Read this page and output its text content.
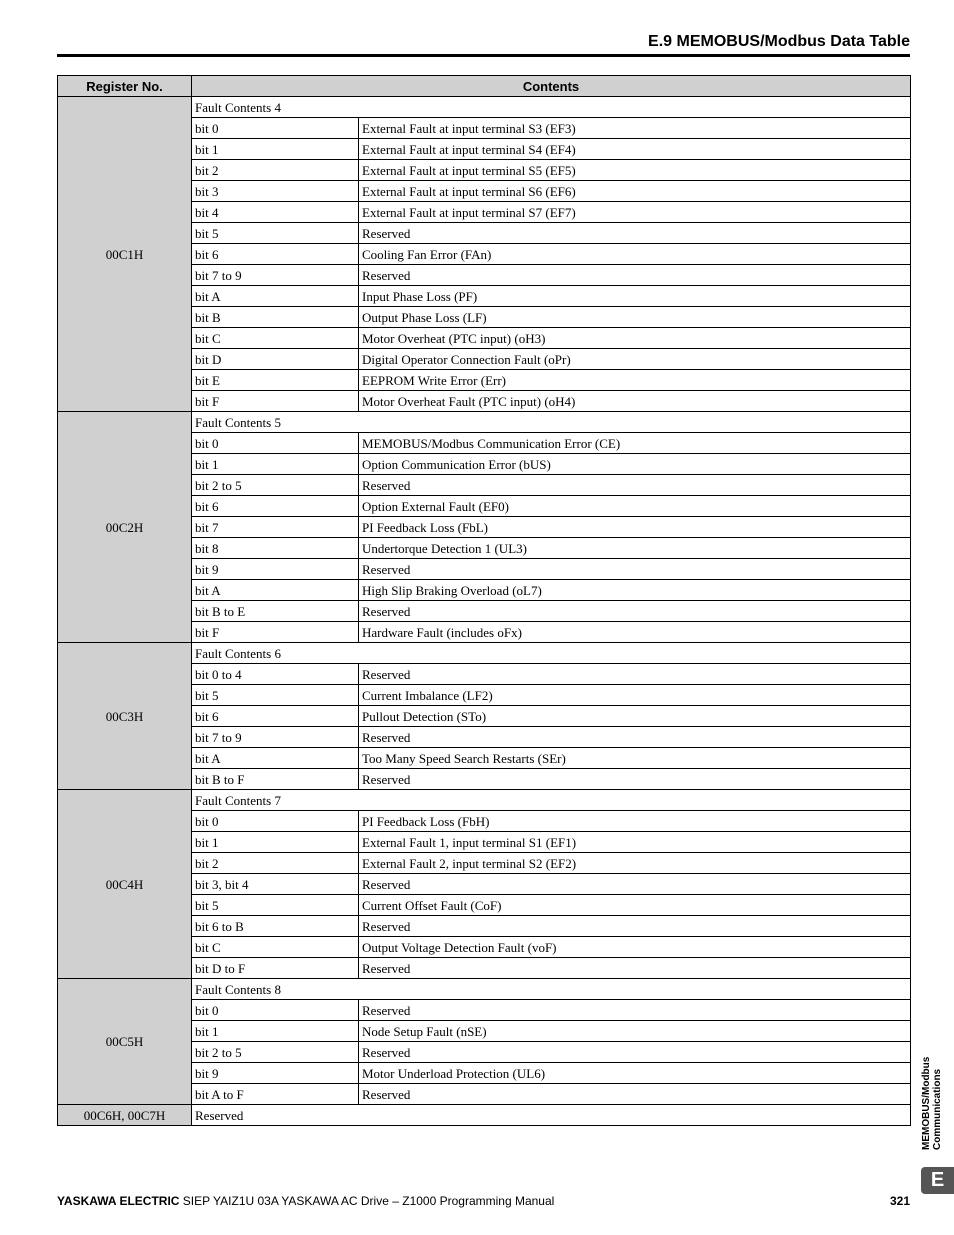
E.9 MEMOBUS/Modbus Data Table
Register No.	Contents	
00C1H	Fault Contents 4	
	bit 0	External Fault at input terminal S3 (EF3)
	bit 1	External Fault at input terminal S4 (EF4)
	bit 2	External Fault at input terminal S5 (EF5)
	bit 3	External Fault at input terminal S6 (EF6)
	bit 4	External Fault at input terminal S7 (EF7)
	bit 5	Reserved
	bit 6	Cooling Fan Error (FAn)
	bit 7 to 9	Reserved
	bit A	Input Phase Loss (PF)
	bit B	Output Phase Loss (LF)
	bit C	Motor Overheat (PTC input) (oH3)
	bit D	Digital Operator Connection Fault (oPr)
	bit E	EEPROM Write Error (Err)
	bit F	Motor Overheat Fault (PTC input) (oH4)
00C2H	Fault Contents 5	
	bit 0	MEMOBUS/Modbus Communication Error (CE)
	bit 1	Option Communication Error (bUS)
	bit 2 to 5	Reserved
	bit 6	Option External Fault (EF0)
	bit 7	PI Feedback Loss (FbL)
	bit 8	Undertorque Detection 1 (UL3)
	bit 9	Reserved
	bit A	High Slip Braking Overload (oL7)
	bit B to E	Reserved
	bit F	Hardware Fault (includes oFx)
00C3H	Fault Contents 6	
	bit 0 to 4	Reserved
	bit 5	Current Imbalance (LF2)
	bit 6	Pullout Detection (STo)
	bit 7 to 9	Reserved
	bit A	Too Many Speed Search Restarts (SEr)
	bit B to F	Reserved
00C4H	Fault Contents 7	
	bit 0	PI Feedback Loss (FbH)
	bit 1	External Fault 1, input terminal S1 (EF1)
	bit 2	External Fault 2, input terminal S2 (EF2)
	bit 3, bit 4	Reserved
	bit 5	Current Offset Fault (CoF)
	bit 6 to B	Reserved
	bit C	Output Voltage Detection Fault (voF)
	bit D to F	Reserved
00C5H	Fault Contents 8	
	bit 0	Reserved
	bit 1	Node Setup Fault (nSE)
	bit 2 to 5	Reserved
	bit 9	Motor Underload Protection (UL6)
	bit A to F	Reserved
00C6H, 00C7H	Reserved		MEMOBUS/Modbus Communications
E
YASKAWA ELECTRIC SIEP YAIZ1U 03A YASKAWA AC Drive – Z1000 Programming Manual	321
